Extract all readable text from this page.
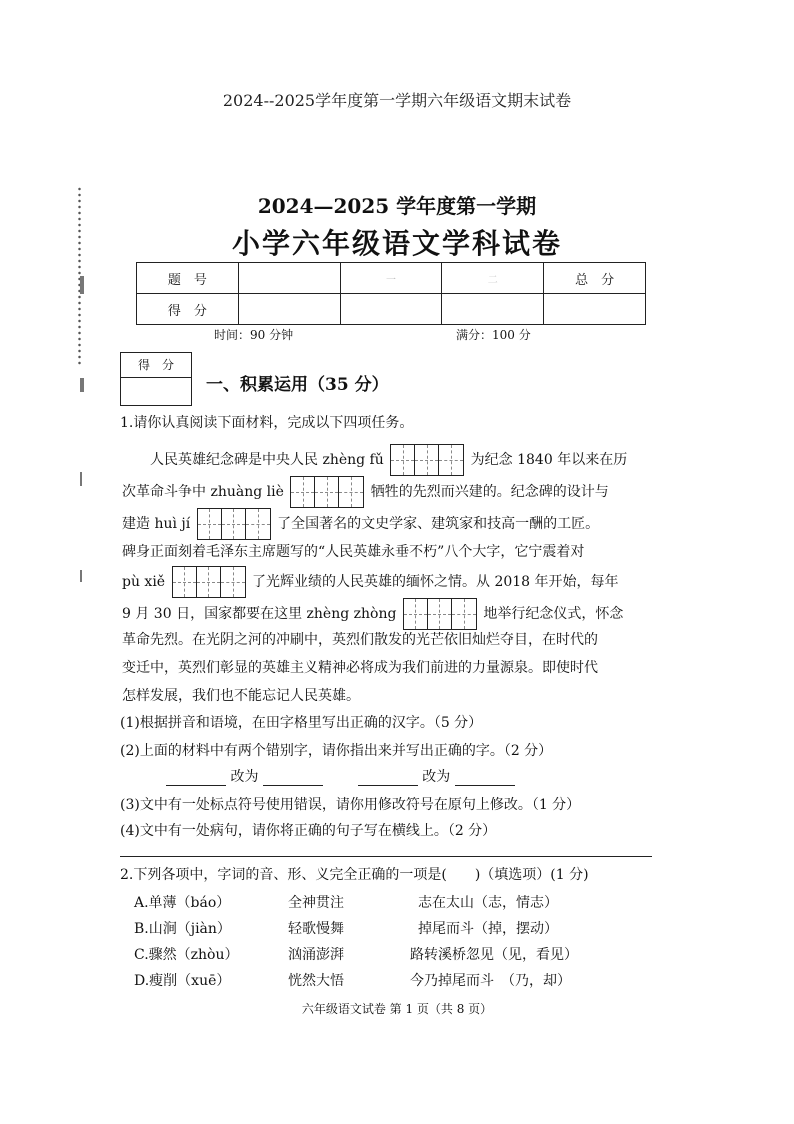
2024--2025学年度第一学期六年级语文期末试卷
2024—2025 学年度第一学期
小学六年级语文学科试卷
题　号		一	二	总　分
得　分				
时间：90 分钟	满分：100 分
得　分
一、积累运用（35 分）
1.请你认真阅读下面材料，完成以下四项任务。
人民英雄纪念碑是中央人民 zhèng fǔ	为纪念 1840 年以来在历
次革命斗争中 zhuàng liè	牺牲的先烈而兴建的。纪念碑的设计与
建造 huì jí	了全国著名的文史学家、建筑家和技高一酬的工匠。
碑身正面刻着毛泽东主席题写的“人民英雄永垂不朽”八个大字，它宁震着对
pù xiě	了光辉业绩的人民英雄的缅怀之情。从 2018 年开始，每年
9 月 30 日，国家都要在这里 zhèng zhòng	地举行纪念仪式，怀念
革命先烈。在光阴之河的冲刷中，英烈们散发的光芒依旧灿烂夺目，在时代的
变迁中，英烈们彰显的英雄主义精神必将成为我们前进的力量源泉。即使时代
怎样发展，我们也不能忘记人民英雄。
(1)根据拼音和语境，在田字格里写出正确的汉字。（5 分）
(2)上面的材料中有两个错别字，请你指出来并写出正确的字。（2 分）
改为	改为
(3)文中有一处标点符号使用错误，请你用修改符号在原句上修改。（1 分）
(4)文中有一处病句，请你将正确的句子写在横线上。（2 分）
2.下列各项中，字词的音、形、义完全正确的一项是(　　)（填选项）(1 分)
A.单薄（báo）	全神贯注	志在太山（志，情志）
B.山涧（jiàn）	轻歌慢舞	掉尾而斗（掉，摆动）
C.骤然（zhòu）	汹涌澎湃	路转溪桥忽见（见，看见）
D.瘦削（xuē）	恍然大悟	今乃掉尾而斗　（乃，却）
六年级语文试卷 第 1 页（共 8 页）
